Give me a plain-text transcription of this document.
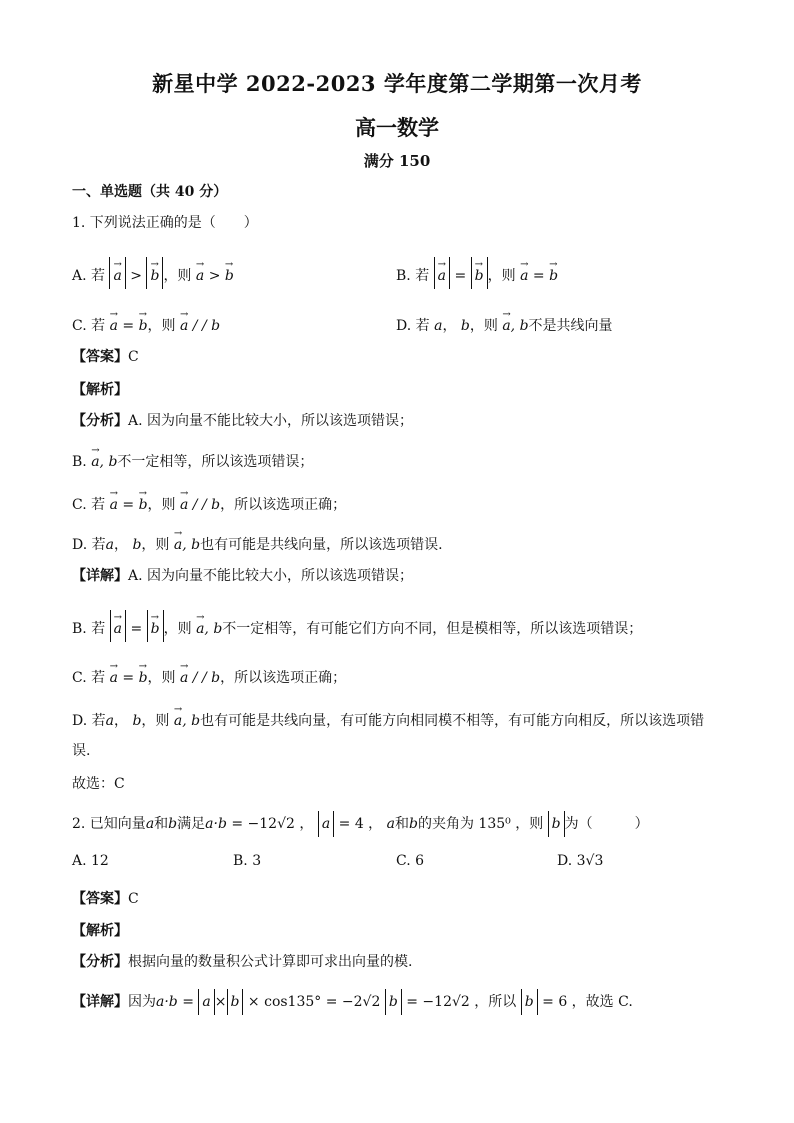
新星中学 2022-2023 学年度第二学期第一次月考
高一数学
满分 150
一、单选题（共 40 分）
1. 下列说法正确的是（　　）
A. 若 → a > → b ，则 → a > → b	B. 若 → a = → b ，则 → a = → b
C. 若 → a = → b，则 → a / / b	D. 若 a， b，则 → a, b不是共线向量
【答案】C
【解析】
【分析】A. 因为向量不能比较大小，所以该选项错误；
B. → a, b不一定相等，所以该选项错误；
C. 若 → a = → b，则 → a / / b，所以该选项正确；
D. 若a， b，则 → a, b也有可能是共线向量，所以该选项错误.
【详解】A. 因为向量不能比较大小，所以该选项错误；
B. 若 → a = → b ，则 → a, b不一定相等，有可能它们方向不同，但是模相等，所以该选项错误；
C. 若 → a = → b，则 → a / / b，所以该选项正确；
D. 若a， b，则 → a, b也有可能是共线向量，有可能方向相同模不相等，有可能方向相反，所以该选项错
误.
故选：C
2. 已知向量a和b满足a·b = −12√2 ， a = 4 ， a和b的夹角为 135⁰ ，则 b 为（　　　）
A. 12	B. 3	C. 6	D. 3√3
【答案】C
【解析】
【分析】根据向量的数量积公式计算即可求出向量的模.
【详解】因为a·b = a × b × cos135° = −2√2 b = −12√2 ，所以 b = 6 ，故选 C.
